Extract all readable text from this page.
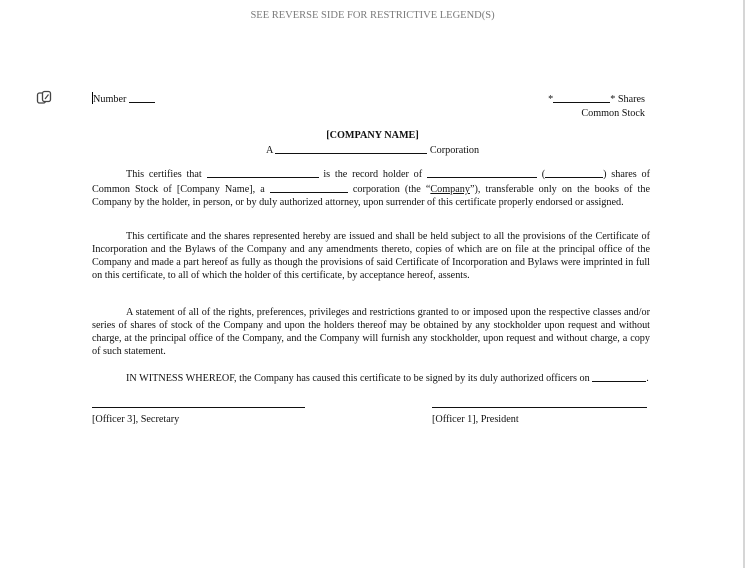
SEE REVERSE SIDE FOR RESTRICTIVE LEGEND(S)
Number	*	* Shares
Common Stock
[COMPANY NAME]
A	Corporation
This certifies that	is the record holder of	(	) shares of Common Stock of [Company Name], a	corporation (the “Company”), transferable only on the books of the Company by the holder, in person, or by duly authorized attorney, upon surrender of this certificate properly endorsed or assigned.
This certificate and the shares represented hereby are issued and shall be held subject to all the provisions of the Certificate of Incorporation and the Bylaws of the Company and any amendments thereto, copies of which are on file at the principal office of the Company and made a part hereof as fully as though the provisions of said Certificate of Incorporation and Bylaws were imprinted in full on this certificate, to all of which the holder of this certificate, by acceptance hereof, assents.
A statement of all of the rights, preferences, privileges and restrictions granted to or imposed upon the respective classes and/or series of shares of stock of the Company and upon the holders thereof may be obtained by any stockholder upon request and without charge, at the principal office of the Company, and the Company will furnish any stockholder, upon request and without charge, a copy of such statement.
IN WITNESS WHEREOF, the Company has caused this certificate to be signed by its duly authorized officers on	.
[Officer 3], Secretary	[Officer 1], President
